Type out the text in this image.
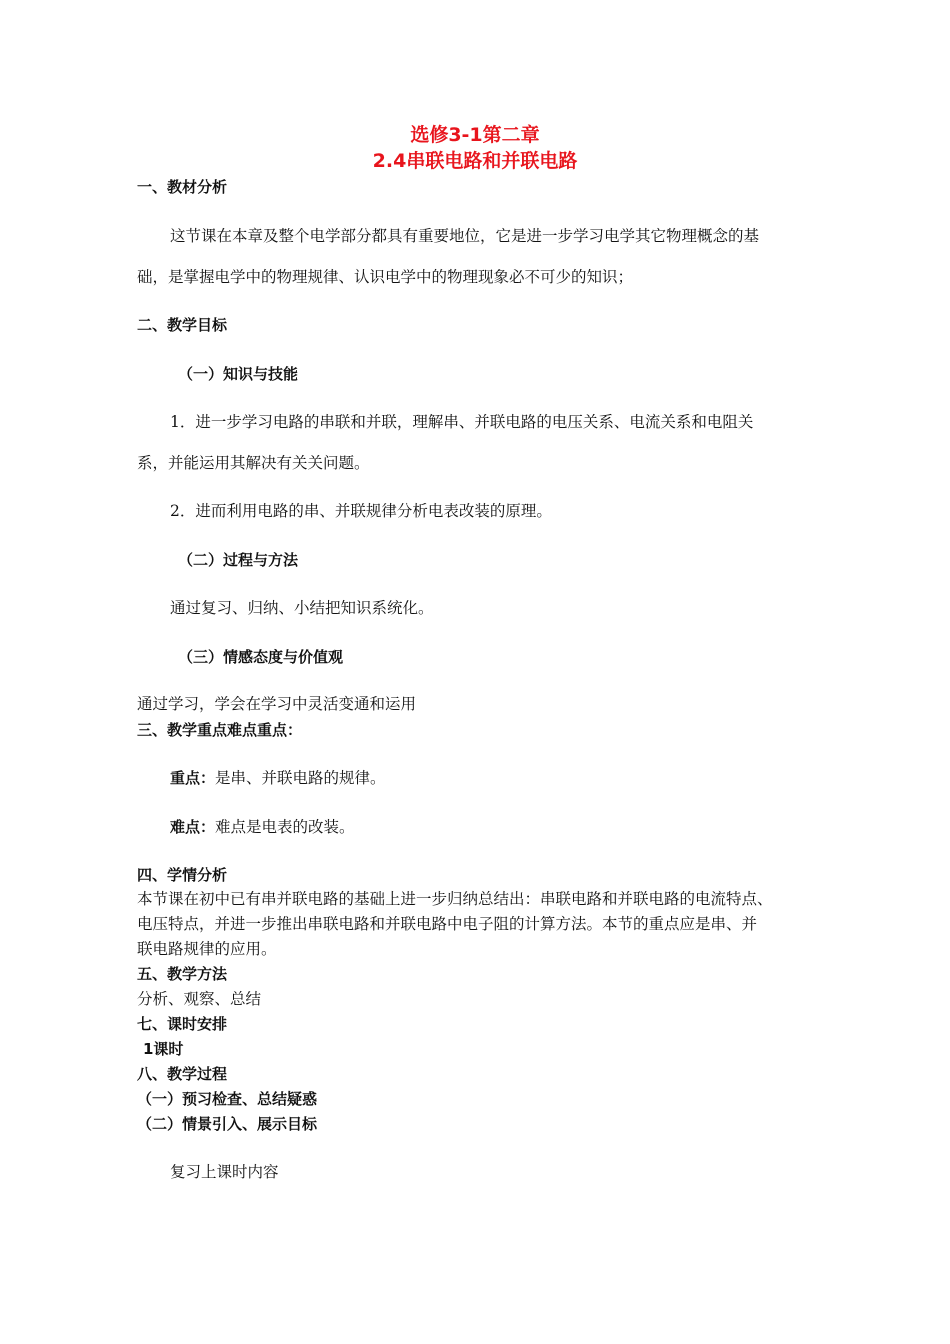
选修3-1第二章
2.4串联电路和并联电路
一、教材分析
这节课在本章及整个电学部分都具有重要地位，它是进一步学习电学其它物理概念的基
础，是掌握电学中的物理规律、认识电学中的物理现象必不可少的知识；
二、教学目标
（一）知识与技能
1．进一步学习电路的串联和并联，理解串、并联电路的电压关系、电流关系和电阻关
系，并能运用其解决有关关问题。
2．进而利用电路的串、并联规律分析电表改装的原理。
（二）过程与方法
通过复习、归纳、小结把知识系统化。
（三）情感态度与价值观
通过学习，学会在学习中灵活变通和运用
三、教学重点难点重点：
重点：是串、并联电路的规律。
难点：难点是电表的改装。
四、学情分析
本节课在初中已有串并联电路的基础上进一步归纳总结出：串联电路和并联电路的电流特点、
电压特点，并进一步推出串联电路和并联电路中电子阻的计算方法。本节的重点应是串、并
联电路规律的应用。
五、教学方法
分析、观察、总结
七、课时安排
1课时
八、教学过程
（一）预习检查、总结疑惑
（二）情景引入、展示目标
复习上课时内容
